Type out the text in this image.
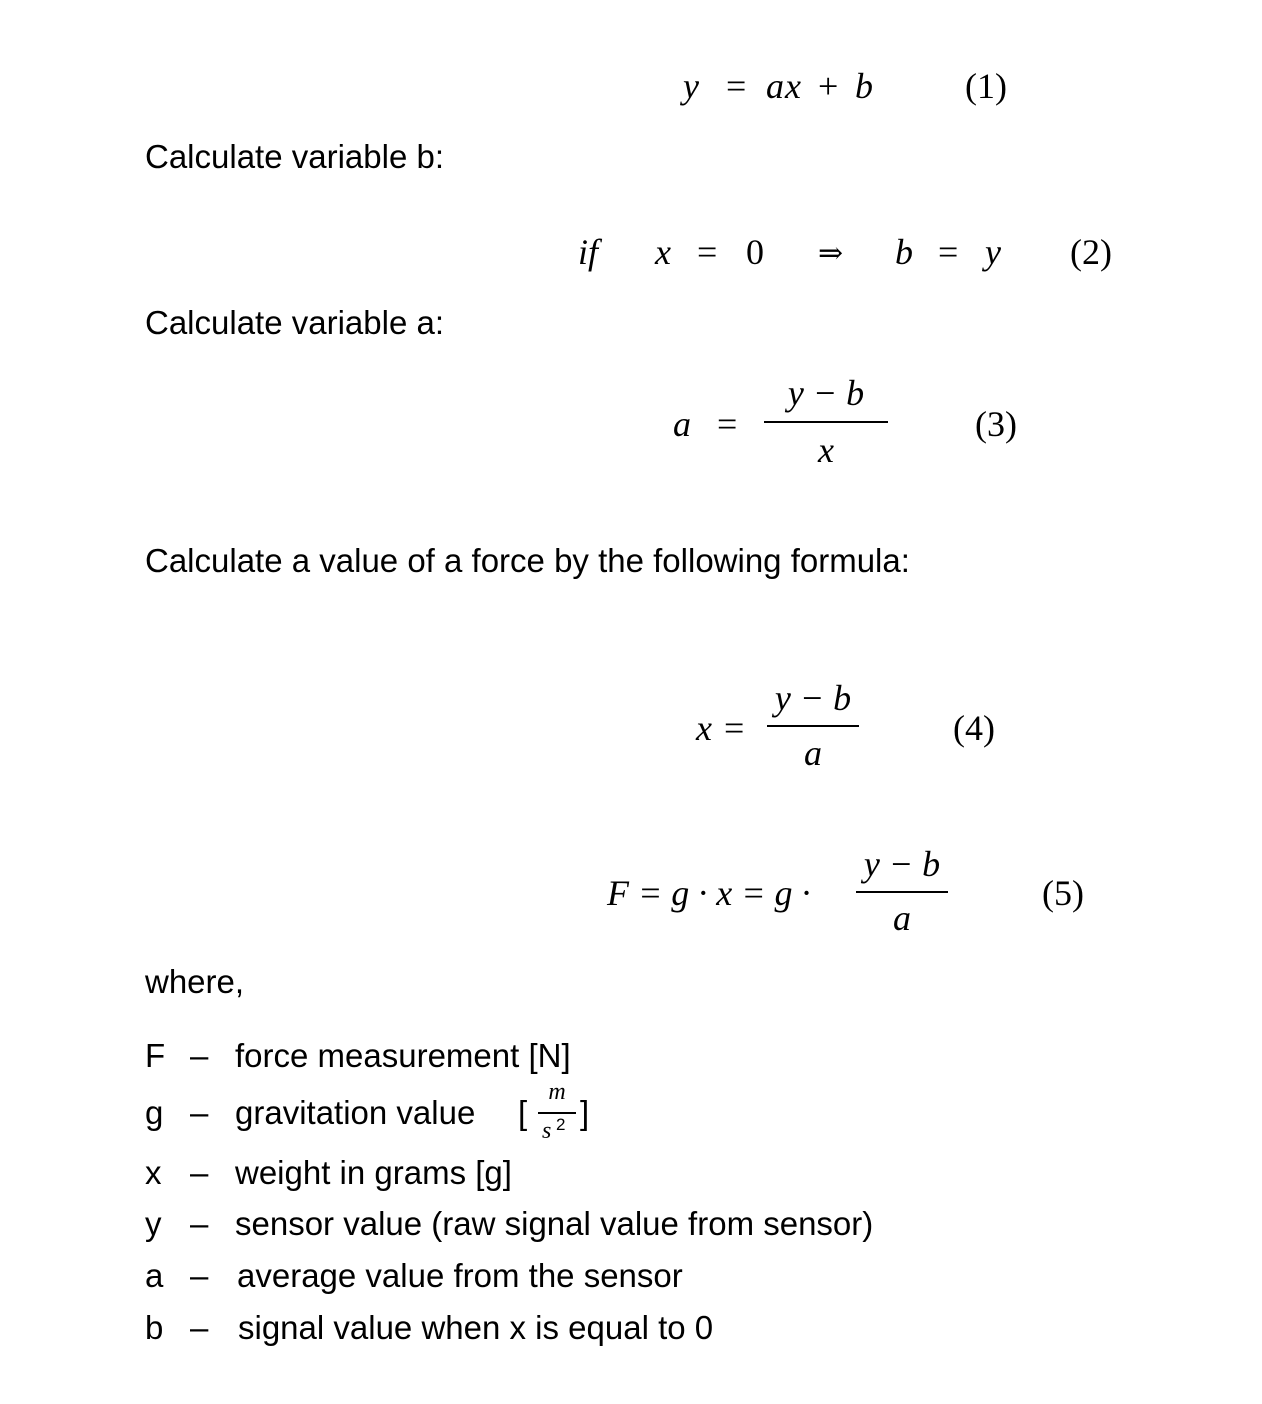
y = a x + b	(1)
Calculate variable b:
if x = 0 ⇒ b = y (2)
Calculate variable a:
a =
y − b
x
(3)
Calculate a value of a force by the following formula:
x =
y − b
a
(4)
F = g · x = g ·
y − b
a
(5)
where,
F – force measurement [N]
g – gravitation value [
m
s 2 ]
x – weight in grams [g]
y – sensor value (raw signal value from sensor)
a – average value from the sensor
b – signal value when x is equal to 0
